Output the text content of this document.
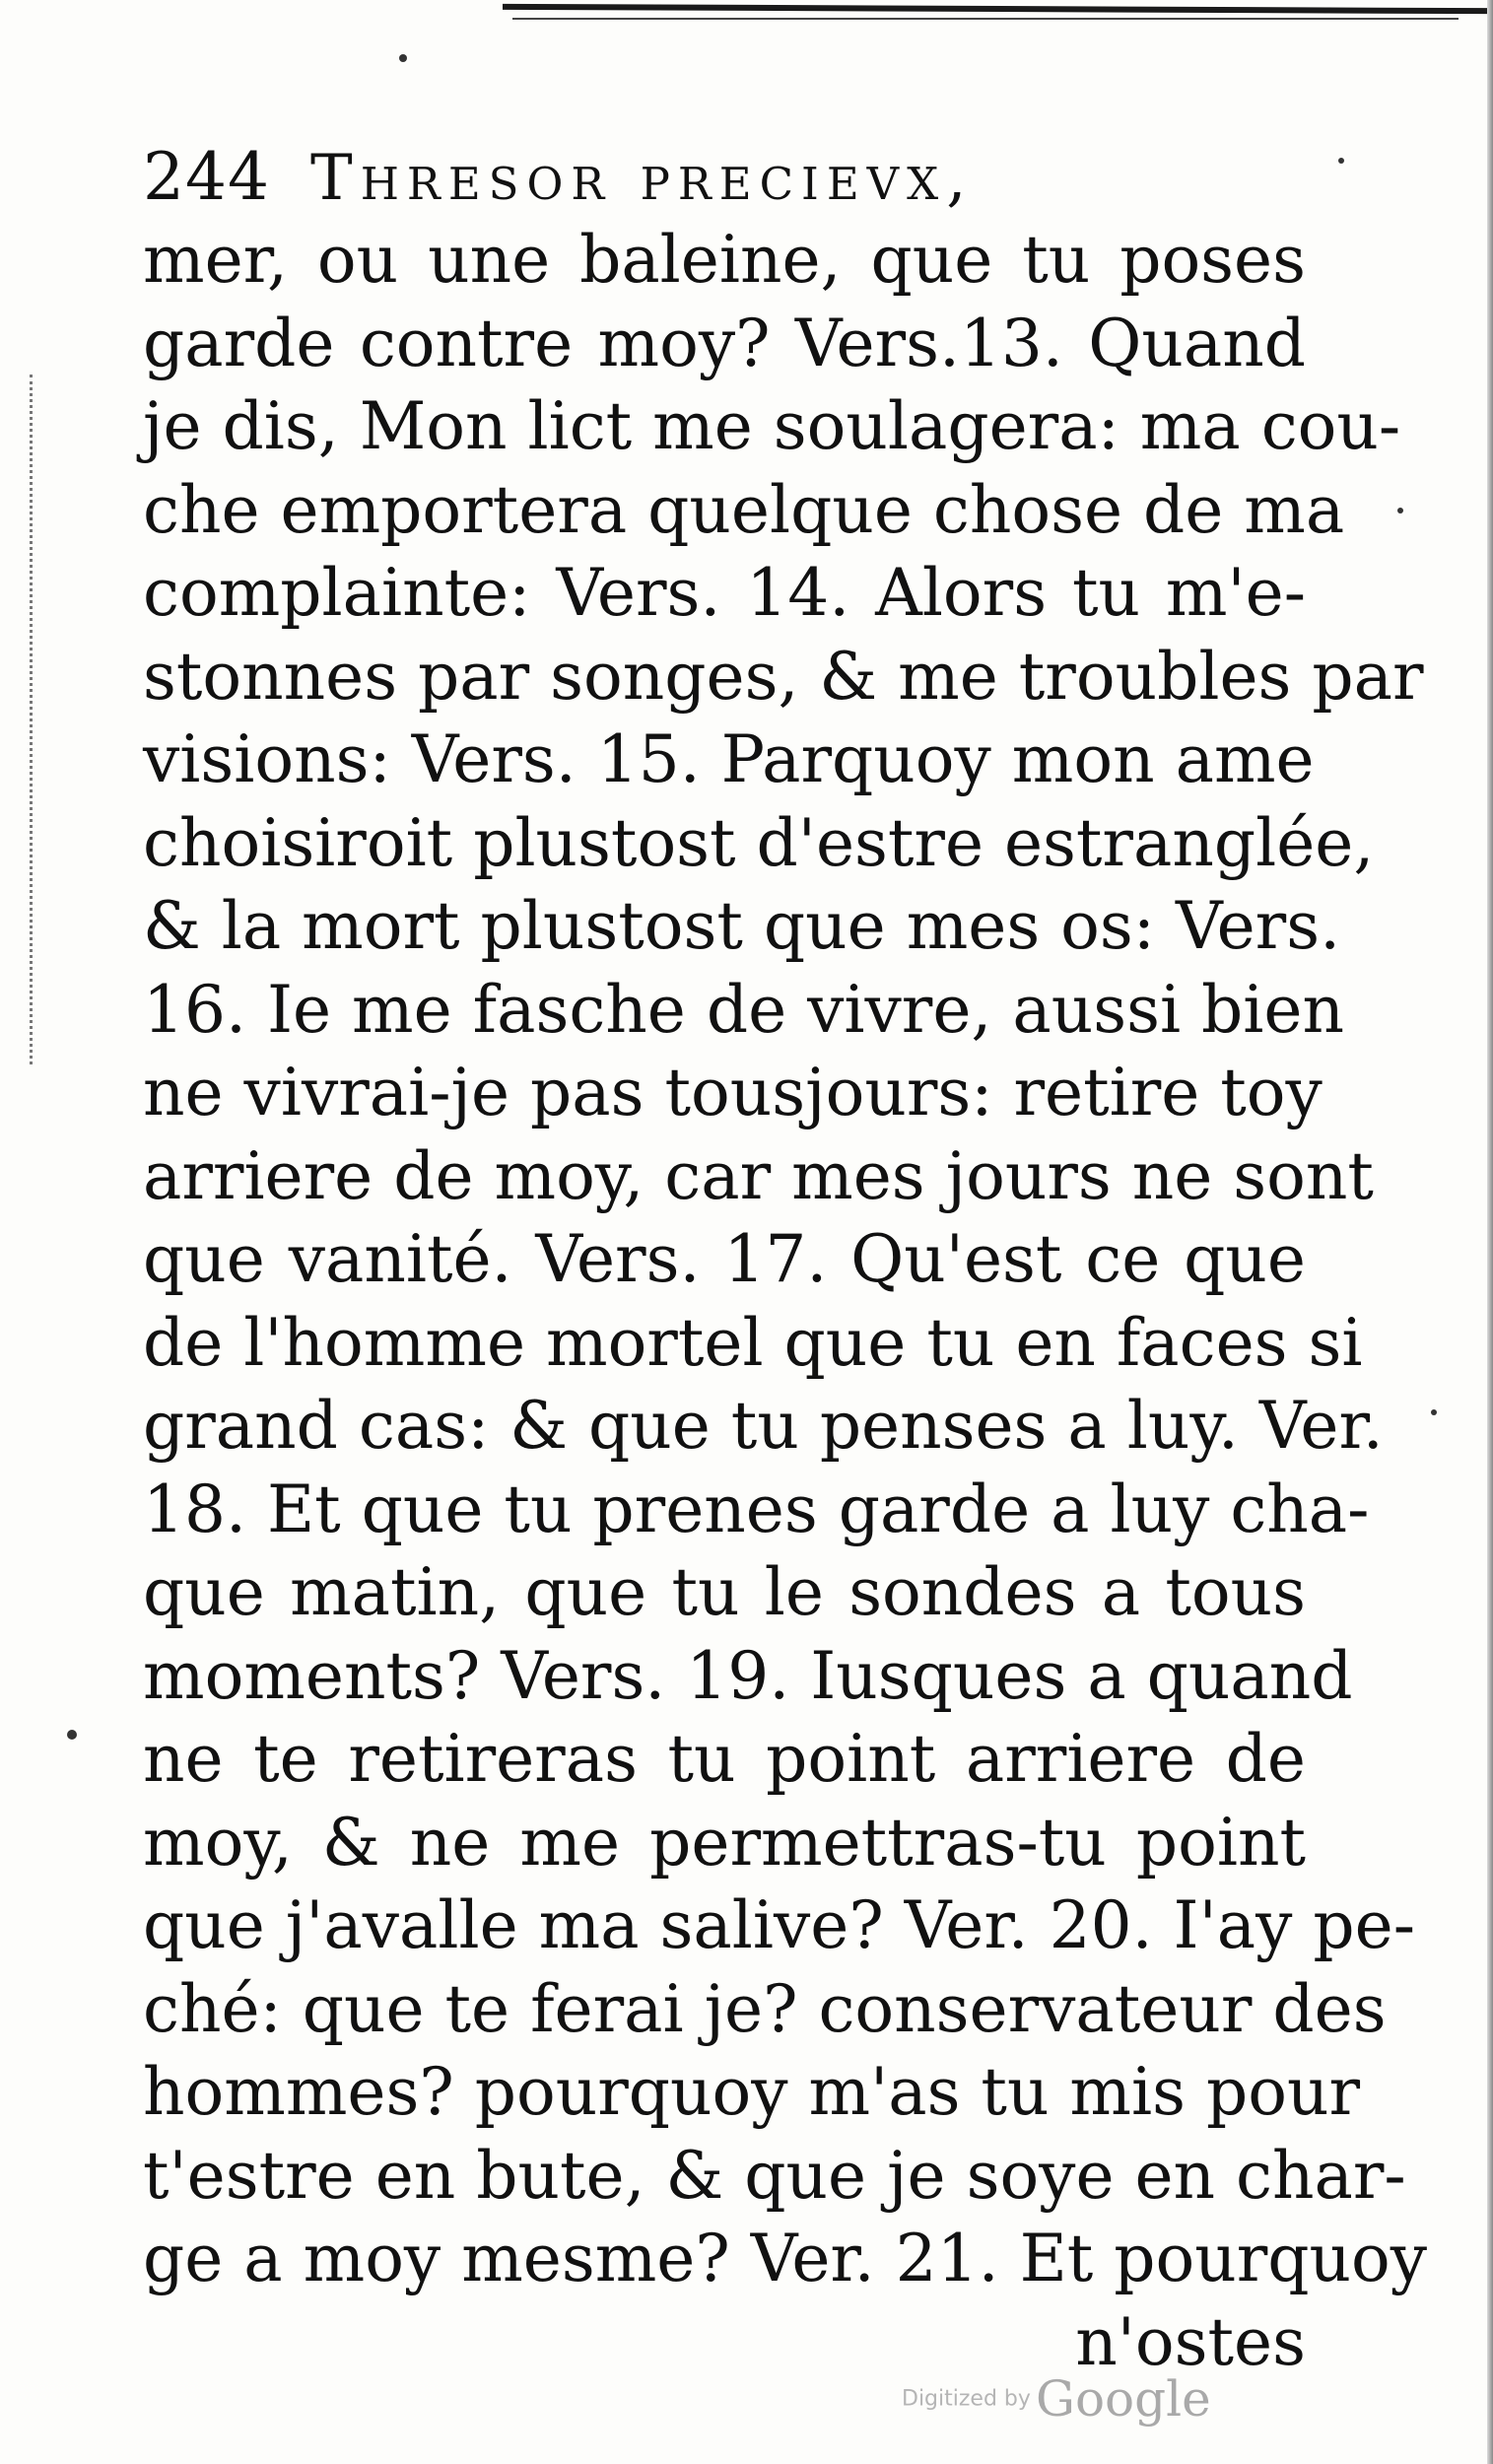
244 Thresor precievx,
mer, ou une baleine, que tu poses
garde contre moy? Vers.13. Quand
je dis, Mon lict me soulagera: ma cou-
che emportera quelque chose de ma
complainte: Vers. 14. Alors tu m'e-
stonnes par songes, & me troubles par
visions: Vers. 15. Parquoy mon ame
choisiroit plustost d'estre estranglée,
& la mort plustost que mes os: Vers.
16. Ie me fasche de vivre, aussi bien
ne vivrai-je pas tousjours: retire toy
arriere de moy, car mes jours ne sont
que vanité. Vers. 17. Qu'est ce que
de l'homme mortel que tu en faces si
grand cas: & que tu penses a luy. Ver.
18. Et que tu prenes garde a luy cha-
que matin, que tu le sondes a tous
moments? Vers. 19. Iusques a quand
ne te retireras tu point arriere de
moy, & ne me permettras-tu point
que j'avalle ma salive? Ver. 20. I'ay pe-
ché: que te ferai je? conservateur des
hommes? pourquoy m'as tu mis pour
t'estre en bute, & que je soye en char-
ge a moy mesme? Ver. 21. Et pourquoy
n'ostes
Digitized by Google
